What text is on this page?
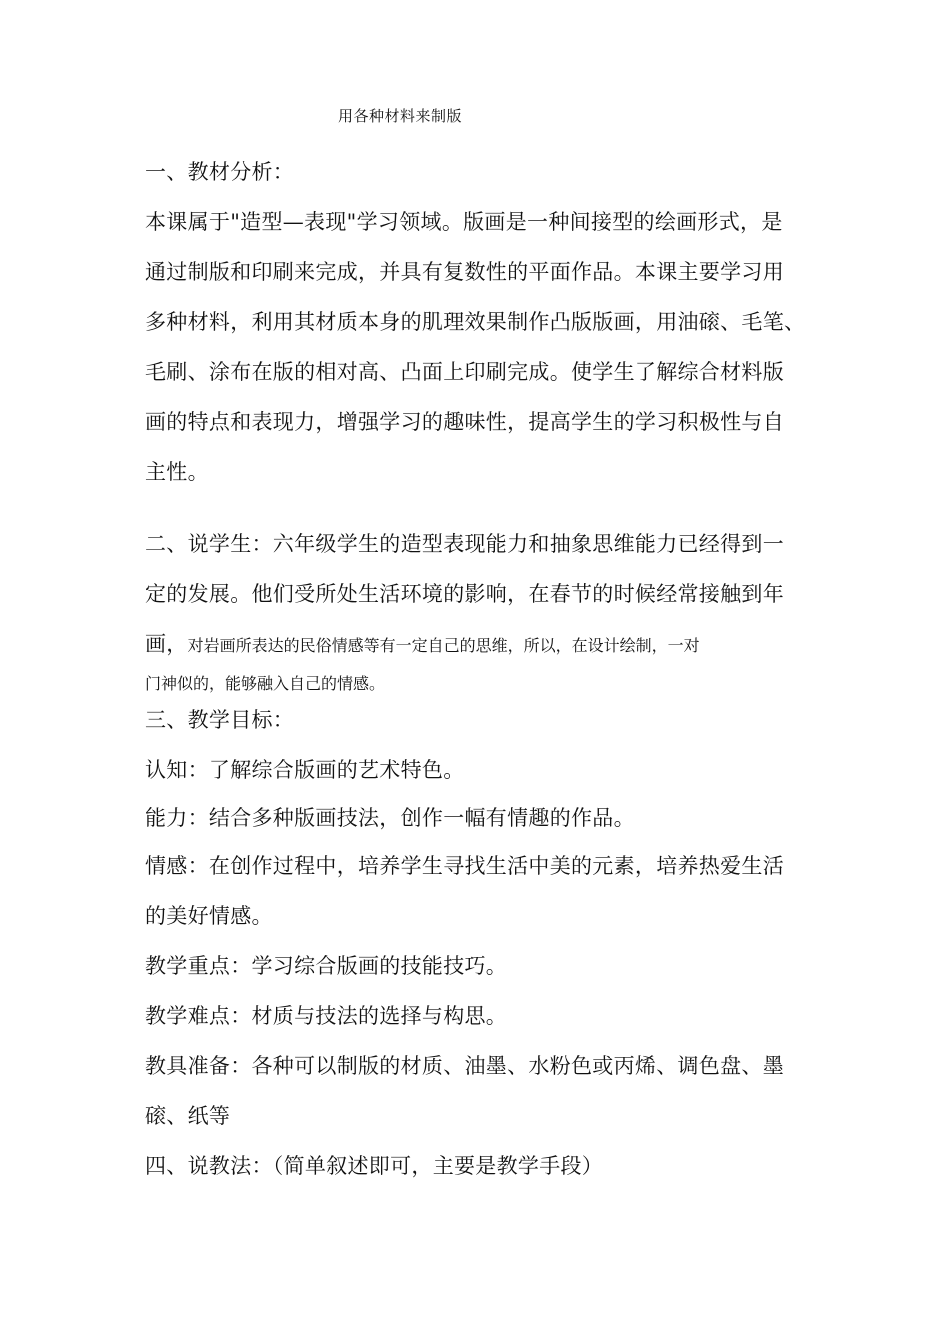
用各种材料来制版
一、教材分析：
本课属于"造型—表现"学习领域。版画是一种间接型的绘画形式，是
通过制版和印刷来完成，并具有复数性的平面作品。本课主要学习用
多种材料，利用其材质本身的肌理效果制作凸版版画，用油磙、毛笔、
毛刷、涂布在版的相对高、凸面上印刷完成。使学生了解综合材料版
画的特点和表现力，增强学习的趣味性，提高学生的学习积极性与自
主性。
二、说学生：六年级学生的造型表现能力和抽象思维能力已经得到一
定的发展。他们受所处生活环境的影响，在春节的时候经常接触到年
画，对岩画所表达的民俗情感等有一定自己的思维，所以，在设计绘制，一对
门神似的，能够融入自己的情感。
三、教学目标：
认知：了解综合版画的艺术特色。
能力：结合多种版画技法，创作一幅有情趣的作品。
情感：在创作过程中，培养学生寻找生活中美的元素，培养热爱生活
的美好情感。
教学重点：学习综合版画的技能技巧。
教学难点：材质与技法的选择与构思。
教具准备：各种可以制版的材质、油墨、水粉色或丙烯、调色盘、墨
磙、纸等
四、说教法：（简单叙述即可，主要是教学手段）
